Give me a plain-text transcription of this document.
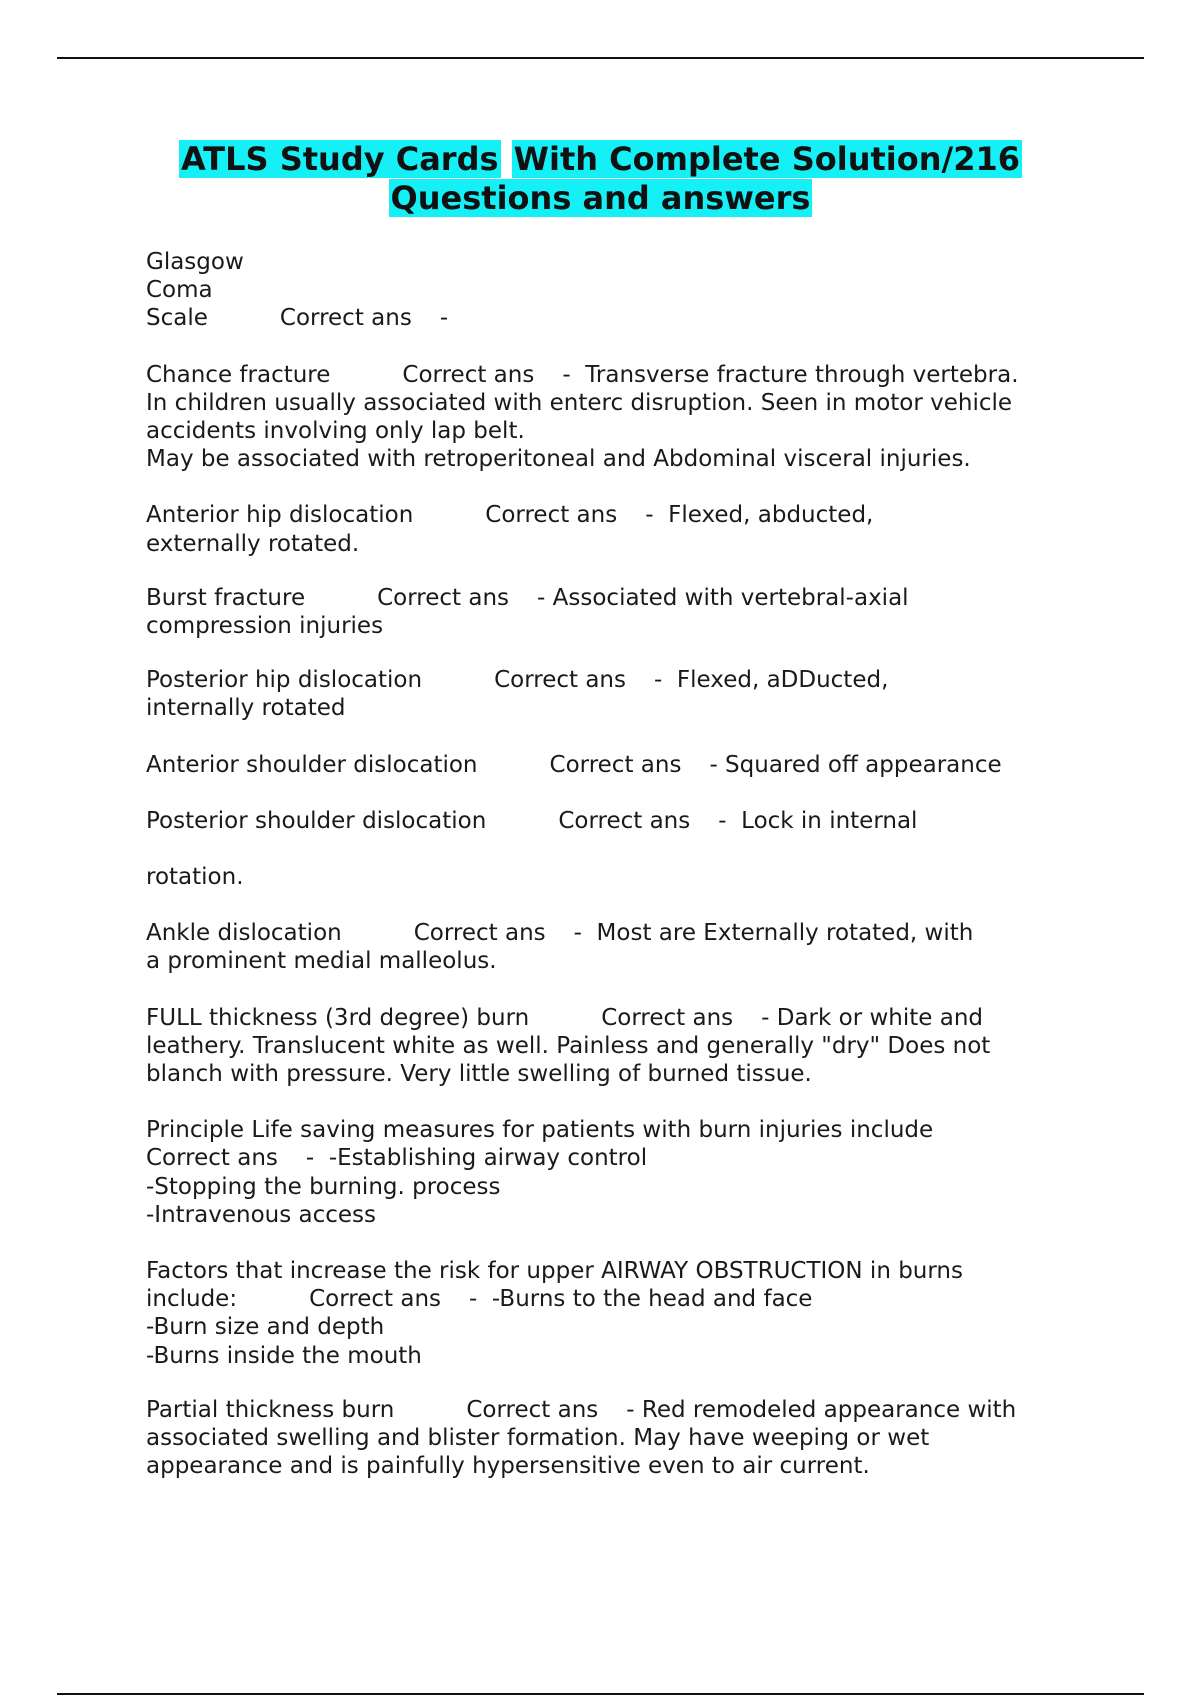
ATLS Study Cards With Complete Solution/216
Questions and answers
Glasgow
Coma
Scale	Correct ans -
Chance fracture	Correct ans -  Transverse fracture through vertebra.
In children usually associated with enterc disruption. Seen in motor vehicle
accidents involving only lap belt.
May be associated with retroperitoneal and Abdominal visceral injuries.
Anterior hip dislocation	Correct ans -  Flexed, abducted,
externally rotated.
Burst fracture	Correct ans - Associated with vertebral-axial
compression injuries
Posterior hip dislocation	Correct ans -  Flexed, aDDucted,
internally rotated
Anterior shoulder dislocation	Correct ans - Squared off appearance
Posterior shoulder dislocation	Correct ans -  Lock in internal
rotation.
Ankle dislocation	Correct ans -  Most are Externally rotated, with
a prominent medial malleolus.
FULL thickness (3rd degree) burn	Correct ans - Dark or white and
leathery. Translucent white as well. Painless and generally "dry" Does not
blanch with pressure. Very little swelling of burned tissue.
Principle Life saving measures for patients with burn injuries include
Correct ans -  -Establishing airway control
-Stopping the burning. process
-Intravenous access
Factors that increase the risk for upper AIRWAY OBSTRUCTION in burns
include:	Correct ans -  -Burns to the head and face
-Burn size and depth
-Burns inside the mouth
Partial thickness burn	Correct ans - Red remodeled appearance with
associated swelling and blister formation. May have weeping or wet
appearance and is painfully hypersensitive even to air current.
